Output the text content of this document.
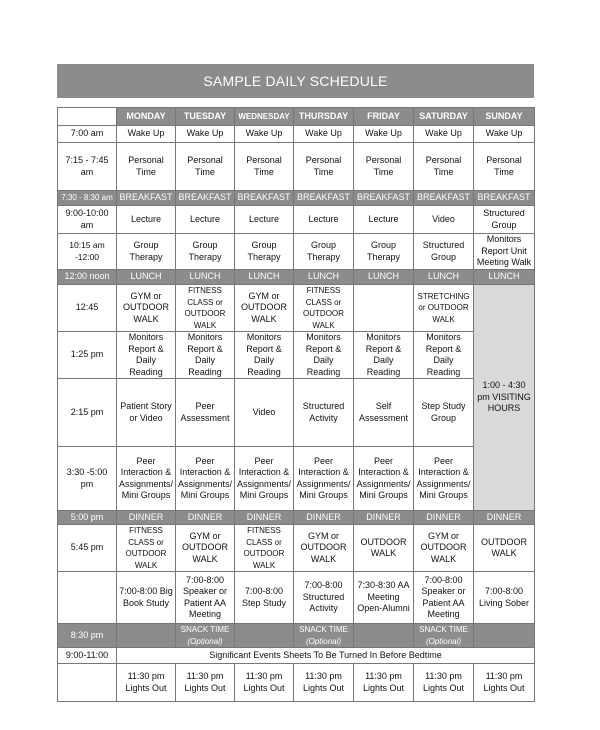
SAMPLE DAILY SCHEDULE
	MONDAY	TUESDAY	WEDNESDAY	THURSDAY	FRIDAY	SATURDAY	SUNDAY
7:00 am	Wake Up	Wake Up	Wake Up	Wake Up	Wake Up	Wake Up	Wake Up
7:15 - 7:45 am	Personal Time	Personal Time	Personal Time	Personal Time	Personal Time	Personal Time	Personal Time
7:30 - 8:30 am	BREAKFAST	BREAKFAST	BREAKFAST	BREAKFAST	BREAKFAST	BREAKFAST	BREAKFAST
9:00-10:00 am	Lecture	Lecture	Lecture	Lecture	Lecture	Video	Structured Group
10:15 am -12:00	Group Therapy	Group Therapy	Group Therapy	Group Therapy	Group Therapy	Structured Group	Monitors Report Unit Meeting Walk
12:00 noon	LUNCH	LUNCH	LUNCH	LUNCH	LUNCH	LUNCH	LUNCH
12:45	GYM or OUTDOOR WALK	FITNESS CLASS or OUTDOOR WALK	GYM or OUTDOOR WALK	FITNESS CLASS or OUTDOOR WALK		STRETCHING or OUTDOOR WALK	1:00 - 4:30 pm VISITING HOURS
1:25 pm	Monitors Report & Daily Reading	Monitors Report & Daily Reading	Monitors Report & Daily Reading	Monitors Report & Daily Reading	Monitors Report & Daily Reading	Monitors Report & Daily Reading	
2:15 pm	Patient Story or Video	Peer Assessment	Video	Structured Activity	Self Assessment	Step Study Group	
3:30 -5:00 pm	Peer Interaction & Assignments/ Mini Groups	Peer Interaction & Assignments/ Mini Groups	Peer Interaction & Assignments/ Mini Groups	Peer Interaction & Assignments/ Mini Groups	Peer Interaction & Assignments/ Mini Groups	Peer Interaction & Assignments/ Mini Groups	
5:00 pm	DINNER	DINNER	DINNER	DINNER	DINNER	DINNER	DINNER
5:45 pm	FITNESS CLASS or OUTDOOR WALK	GYM or OUTDOOR WALK	FITNESS CLASS or OUTDOOR WALK	GYM or OUTDOOR WALK	OUTDOOR WALK	GYM or OUTDOOR WALK	OUTDOOR WALK
	7:00-8:00 Big Book Study	7:00-8:00 Speaker or Patient AA Meeting	7:00-8:00 Step Study	7:00-8:00 Structured Activity	7:30-8:30 AA Meeting Open-Alumni	7:00-8:00 Speaker or Patient AA Meeting	7:00-8:00 Living Sober
8:30 pm		SNACK TIME (Optional)		SNACK TIME (Optional)		SNACK TIME (Optional)	
9:00-11:00	Significant Events Sheets To Be Turned In Before Bedtime						
	11:30 pm Lights Out	11:30 pm Lights Out	11:30 pm Lights Out	11:30 pm Lights Out	11:30 pm Lights Out	11:30 pm Lights Out	11:30 pm Lights Out
